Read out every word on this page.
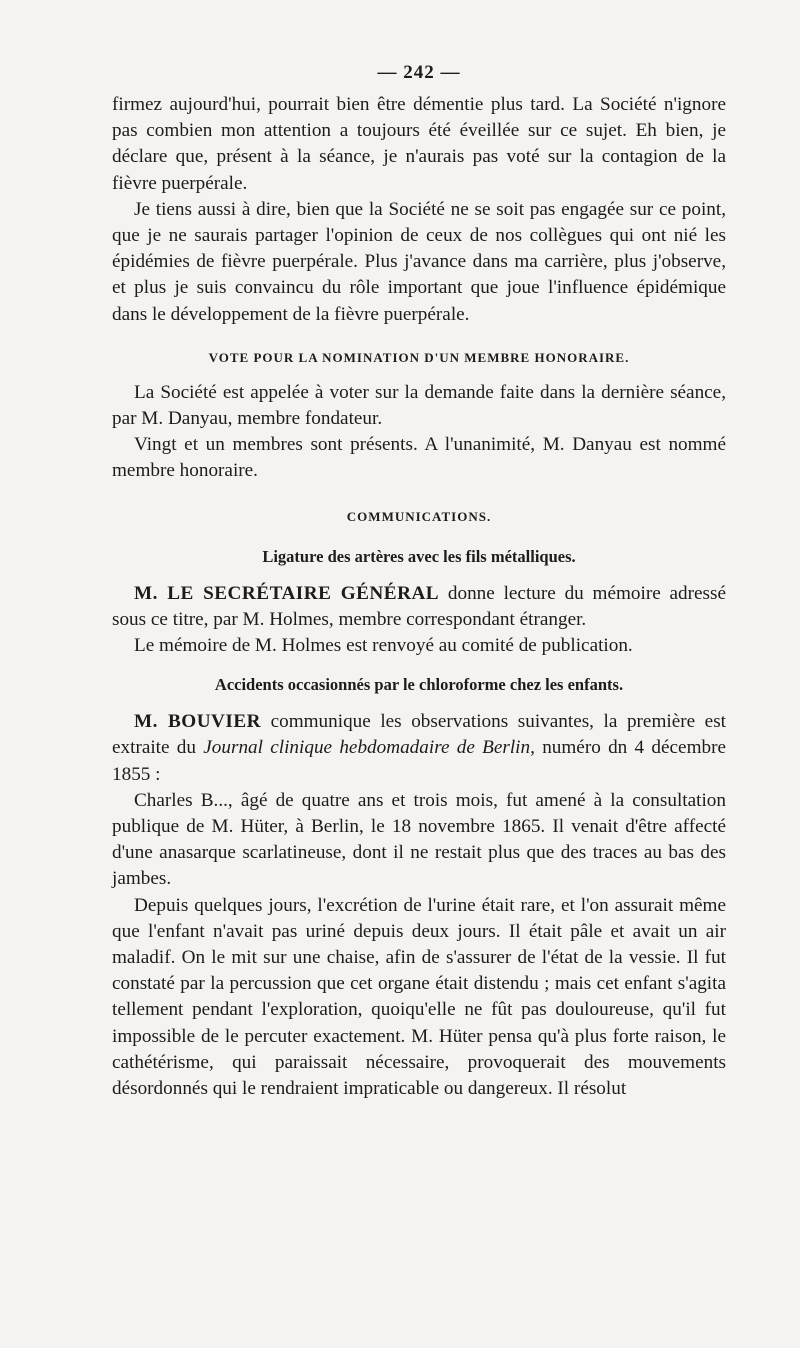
— 242 —

firmez aujourd'hui, pourrait bien être démentie plus tard. La Société n'ignore pas combien mon attention a toujours été éveillée sur ce sujet. Eh bien, je déclare que, présent à la séance, je n'aurais pas voté sur la contagion de la fièvre puerpérale.

Je tiens aussi à dire, bien que la Société ne se soit pas engagée sur ce point, que je ne saurais partager l'opinion de ceux de nos collègues qui ont nié les épidémies de fièvre puerpérale. Plus j'avance dans ma carrière, plus j'observe, et plus je suis convaincu du rôle important que joue l'influence épidémique dans le développement de la fièvre puerpérale.

VOTE POUR LA NOMINATION D'UN MEMBRE HONORAIRE.

La Société est appelée à voter sur la demande faite dans la dernière séance, par M. Danyau, membre fondateur.

Vingt et un membres sont présents. A l'unanimité, M. Danyau est nommé membre honoraire.

COMMUNICATIONS.

Ligature des artères avec les fils métalliques.

M. LE SECRÉTAIRE GÉNÉRAL donne lecture du mémoire adressé sous ce titre, par M. Holmes, membre correspondant étranger.

Le mémoire de M. Holmes est renvoyé au comité de publication.

Accidents occasionnés par le chloroforme chez les enfants.

M. BOUVIER communique les observations suivantes, la première est extraite du Journal clinique hebdomadaire de Berlin, numéro dn 4 décembre 1855 :

Charles B..., âgé de quatre ans et trois mois, fut amené à la consultation publique de M. Hüter, à Berlin, le 18 novembre 1865. Il venait d'être affecté d'une anasarque scarlatineuse, dont il ne restait plus que des traces au bas des jambes.

Depuis quelques jours, l'excrétion de l'urine était rare, et l'on assurait même que l'enfant n'avait pas uriné depuis deux jours. Il était pâle et avait un air maladif. On le mit sur une chaise, afin de s'assurer de l'état de la vessie. Il fut constaté par la percussion que cet organe était distendu ; mais cet enfant s'agita tellement pendant l'exploration, quoiqu'elle ne fût pas douloureuse, qu'il fut impossible de le percuter exactement. M. Hüter pensa qu'à plus forte raison, le cathétérisme, qui paraissait nécessaire, provoquerait des mouvements désordonnés qui le rendraient impraticable ou dangereux. Il résolut
